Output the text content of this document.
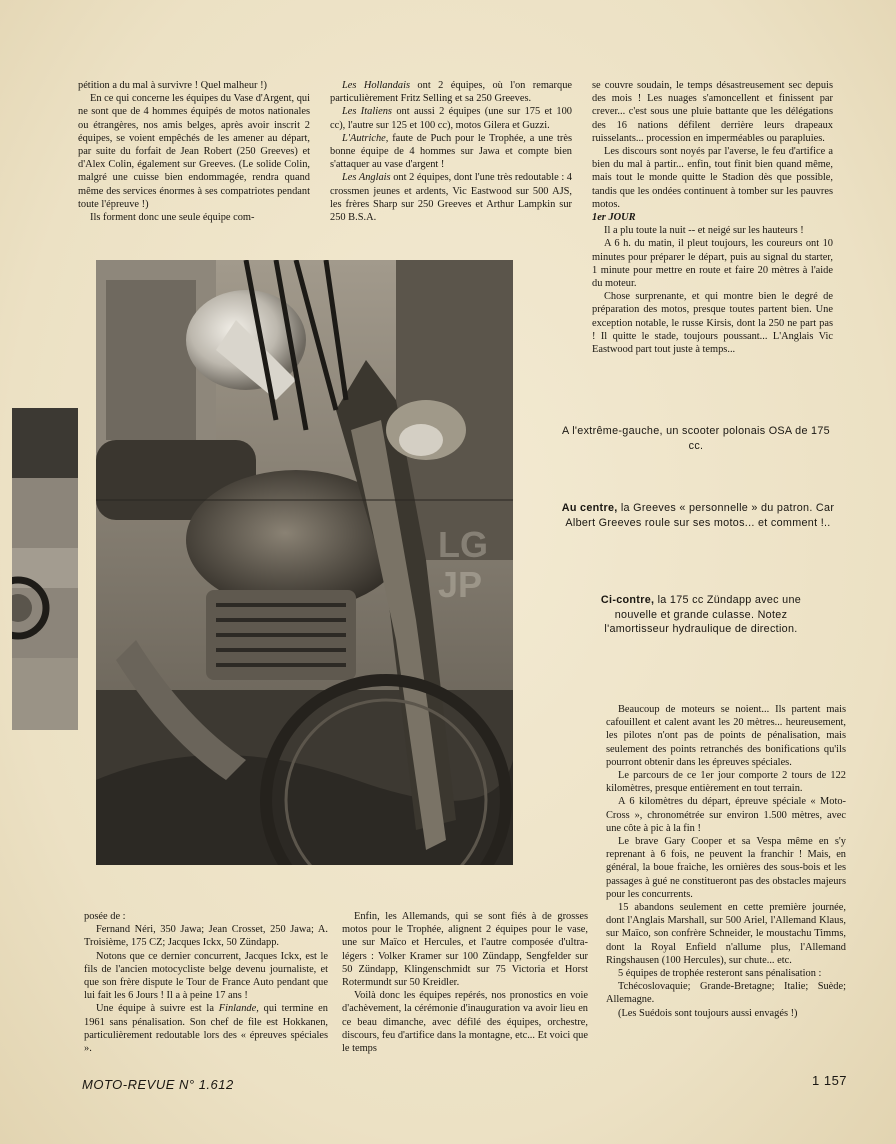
pétition a du mal à survivre ! Quel malheur !)

En ce qui concerne les équipes du Vase d'Argent, qui ne sont que de 4 hommes équipés de motos nationales ou étrangères, nos amis belges, après avoir inscrit 2 équipes, se voient empêchés de les amener au départ, par suite du forfait de Jean Robert (250 Greeves) et d'Alex Colin, également sur Greeves. (Le solide Colin, malgré une cuisse bien endommagée, rendra quand même des services énormes à ses compatriotes pendant toute l'épreuve !)

Ils forment donc une seule équipe com-

Les Hollandais ont 2 équipes, où l'on remarque particulièrement Fritz Selling et sa 250 Greeves.

Les Italiens ont aussi 2 équipes (une sur 175 et 100 cc), l'autre sur 125 et 100 cc), motos Gilera et Guzzi.

L'Autriche, faute de Puch pour le Trophée, a une très bonne équipe de 4 hommes sur Jawa et compte bien s'attaquer au vase d'argent !

Les Anglais ont 2 équipes, dont l'une très redoutable : 4 crossmen jeunes et ardents, Vic Eastwood sur 500 AJS, les frères Sharp sur 250 Greeves et Arthur Lampkin sur 250 B.S.A.

se couvre soudain, le temps désastreusement sec depuis des mois ! Les nuages s'amoncellent et finissent par crever... c'est sous une pluie battante que les délégations des 16 nations défilent derrière leurs drapeaux ruisselants... procession en imperméables ou parapluies.

Les discours sont noyés par l'averse, le feu d'artifice a bien du mal à partir... enfin, tout finit bien quand même, mais tout le monde quitte le Stadion dès que possible, tandis que les ondées continuent à tomber sur les pauvres motos.

1er JOUR

Il a plu toute la nuit -- et neigé sur les hauteurs !

A 6 h. du matin, il pleut toujours, les coureurs ont 10 minutes pour préparer le départ, puis au signal du starter, 1 minute pour mettre en route et faire 20 mètres à l'aide du moteur.

Chose surprenante, et qui montre bien le degré de préparation des motos, presque toutes partent bien. Une exception notable, le russe Kirsis, dont la 250 ne part pas ! Il quitte le stade, toujours poussant... L'Anglais Vic Eastwood part tout juste à temps...

LG JP
A l'extrême-gauche, un scooter polonais OSA de 175 cc.
Au centre, la Greeves « personnelle » du patron. Car Albert Greeves roule sur ses motos... et comment !..
Ci-contre, la 175 cc Zündapp avec une nouvelle et grande culasse. Notez l'amortisseur hydraulique de direction.

Beaucoup de moteurs se noient... Ils partent mais cafouillent et calent avant les 20 mètres... heureusement, les pilotes n'ont pas de points de pénalisation, mais seulement des points retranchés des bonifications qu'ils pourront obtenir dans les épreuves spéciales.

Le parcours de ce 1er jour comporte 2 tours de 122 kilomètres, presque entièrement en tout terrain.

A 6 kilomètres du départ, épreuve spéciale « Moto-Cross », chronométrée sur environ 1.500 mètres, avec une côte à pic à la fin !

Le brave Gary Cooper et sa Vespa même en s'y reprenant à 6 fois, ne peuvent la franchir ! Mais, en général, la boue fraiche, les ornières des sous-bois et les passages à gué ne constitueront pas des obstacles majeurs pour les concurrents.

15 abandons seulement en cette première journée, dont l'Anglais Marshall, sur 500 Ariel, l'Allemand Klaus, sur Maïco, son confrère Schneider, le moustachu Timms, dont la Royal Enfield n'allume plus, l'Allemand Ringshausen (100 Hercules), sur chute... etc.

5 équipes de trophée resteront sans pénalisation :

Tchécoslovaquie; Grande-Bretagne; Italie; Suède; Allemagne.

(Les Suédois sont toujours aussi envagés !)

posée de :

Fernand Néri, 350 Jawa; Jean Crosset, 250 Jawa; A. Troisième, 175 CZ; Jacques Ickx, 50 Zündapp.

Notons que ce dernier concurrent, Jacques Ickx, est le fils de l'ancien motocycliste belge devenu journaliste, et que son frère dispute le Tour de France Auto pendant que lui fait les 6 Jours ! Il a à peine 17 ans !

Une équipe à suivre est la Finlande, qui termine en 1961 sans pénalisation. Son chef de file est Hokkanen, particulièrement redoutable lors des « épreuves spéciales ».

Enfin, les Allemands, qui se sont fiés à de grosses motos pour le Trophée, alignent 2 équipes pour le vase, une sur Maïco et Hercules, et l'autre composée d'ultra-légers : Volker Kramer sur 100 Zündapp, Sengfelder sur 50 Zündapp, Klingenschmidt sur 75 Victoria et Horst Rotermundt sur 50 Kreidler.

Voilà donc les équipes repérés, nos pronostics en voie d'achèvement, la cérémonie d'inauguration va avoir lieu en ce beau dimanche, avec défilé des équipes, orchestre, discours, feu d'artifice dans la montagne, etc... Et voici que le temps

MOTO-REVUE N° 1.612	1 157
